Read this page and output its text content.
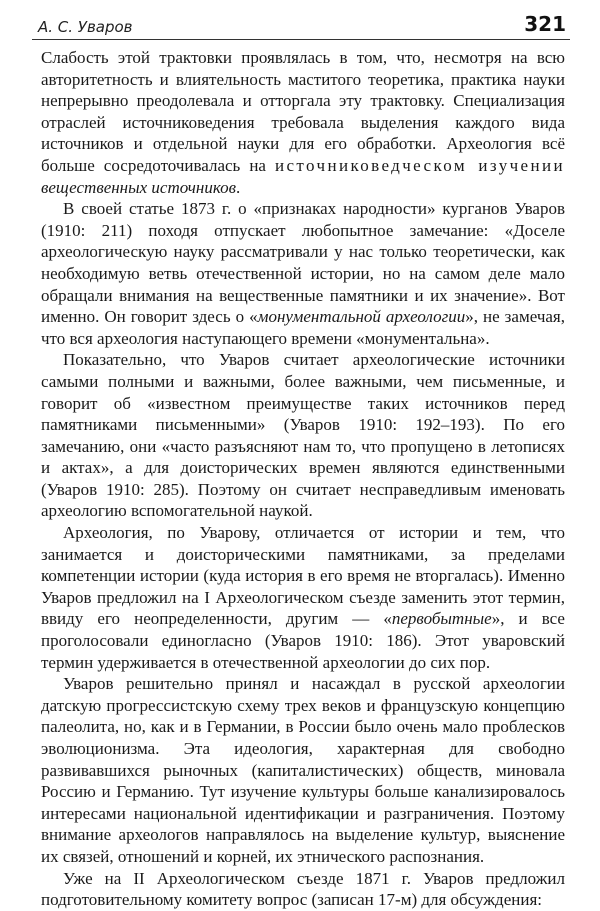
А. С. Уваров	321

Слабость этой трактовки проявлялась в том, что, несмотря на всю авторитетность и влиятельность маститого теоретика, практика науки непрерывно преодолевала и отторгала эту трактовку. Специализация отраслей источниковедения требовала выделения каждого вида источников и отдельной науки для его обработки. Археология всё больше сосредоточивалась на источниковедческом изучении вещественных источников.

В своей статье 1873 г. о «признаках народности» курганов Уваров (1910: 211) походя отпускает любопытное замечание: «Доселе археологическую науку рассматривали у нас только теоретически, как необходимую ветвь отечественной истории, но на самом деле мало обращали внимания на вещественные памятники и их значение». Вот именно. Он говорит здесь о «монументальной археологии», не замечая, что вся археология наступающего времени «монументальна».

Показательно, что Уваров считает археологические источники самыми полными и важными, более важными, чем письменные, и говорит об «известном преимуществе таких источников перед памятниками письменными» (Уваров 1910: 192–193). По его замечанию, они «часто разъясняют нам то, что пропущено в летописях и актах», а для доисторических времен являются единственными (Уваров 1910: 285). Поэтому он считает несправедливым именовать археологию вспомогательной наукой.

Археология, по Уварову, отличается от истории и тем, что занимается и доисторическими памятниками, за пределами компетенции истории (куда история в его время не вторгалась). Именно Уваров предложил на I Археологическом съезде заменить этот термин, ввиду его неопределенности, другим — «первобытные», и все проголосовали единогласно (Уваров 1910: 186). Этот уваровский термин удерживается в отечественной археологии до сих пор.

Уваров решительно принял и насаждал в русской археологии датскую прогрессистскую схему трех веков и французскую концепцию палеолита, но, как и в Германии, в России было очень мало проблесков эволюционизма. Эта идеология, характерная для свободно развивавшихся рыночных (капиталистических) обществ, миновала Россию и Германию. Тут изучение культуры больше канализировалось интересами национальной идентификации и разграничения. Поэтому внимание археологов направлялось на выделение культур, выяснение их связей, отношений и корней, их этнического распознания.

Уже на II Археологическом съезде 1871 г. Уваров предложил подготовительному комитету вопрос (записан 17-м) для обсуждения:
